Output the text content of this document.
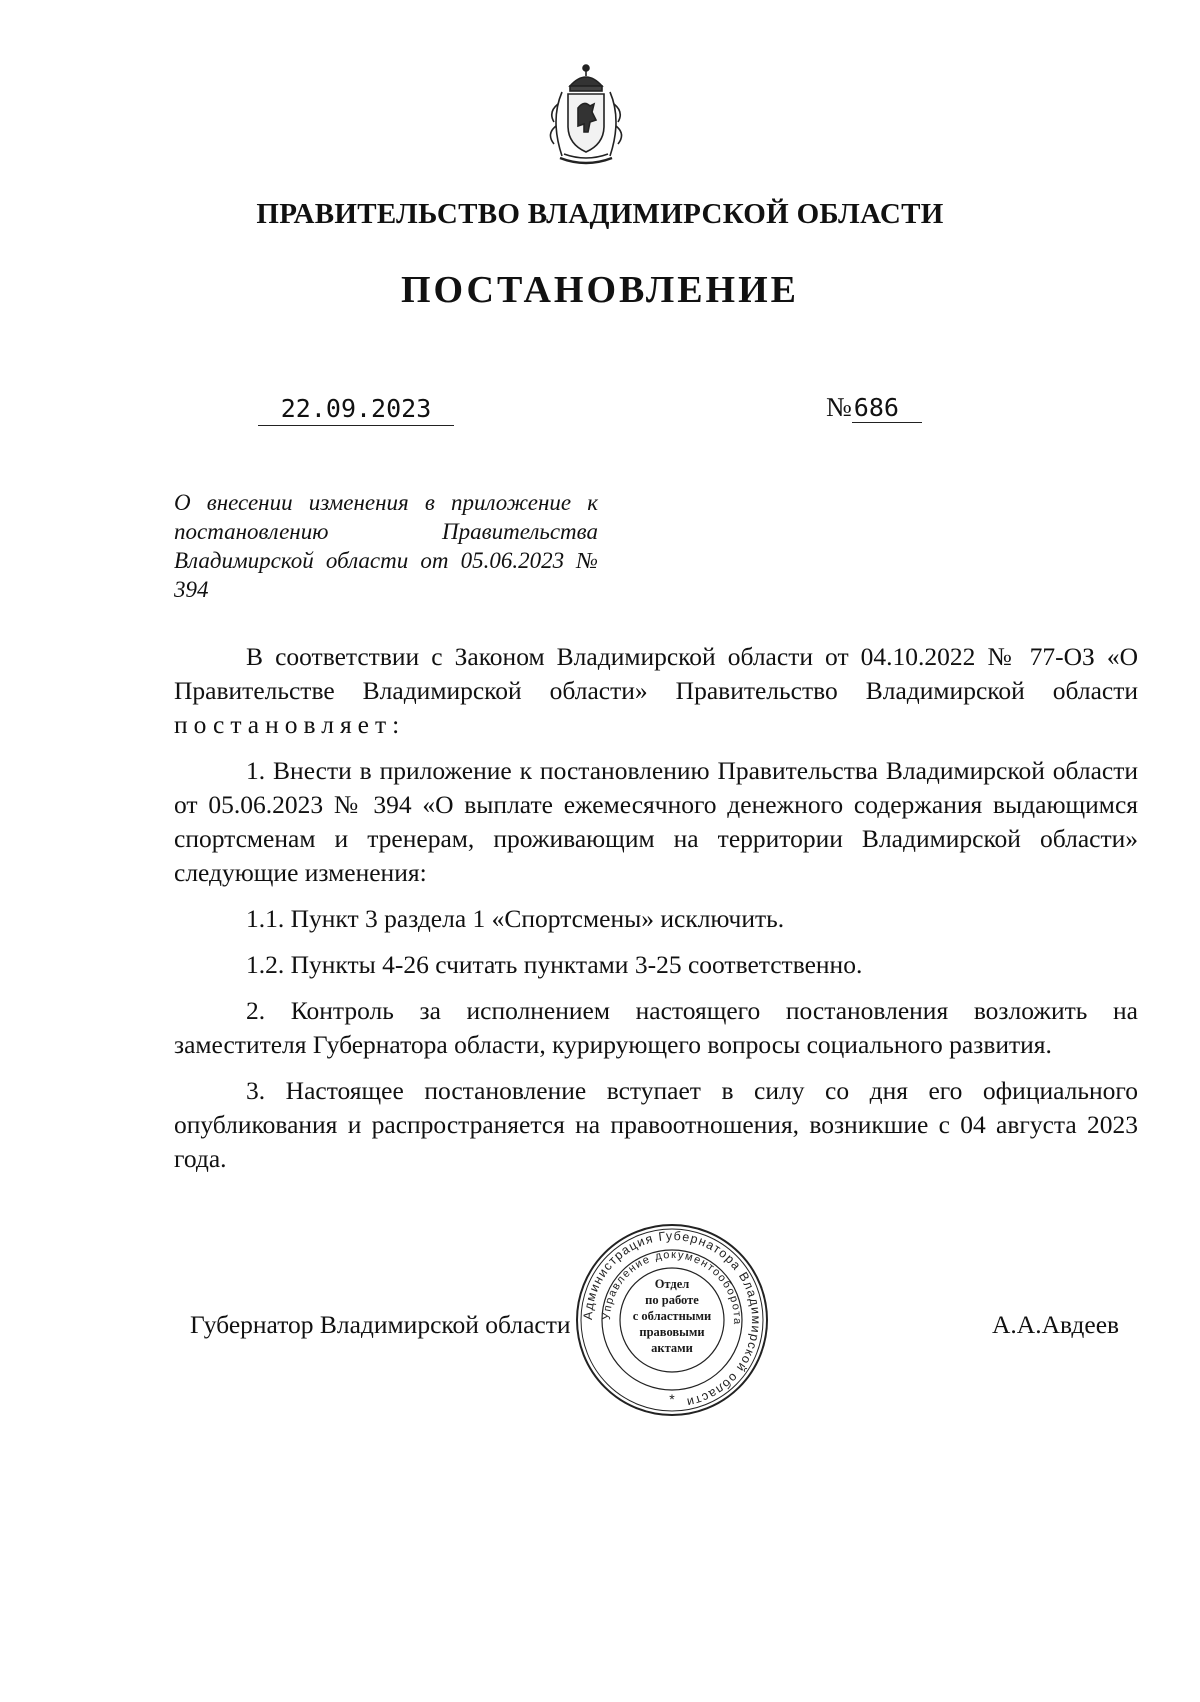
ПРАВИТЕЛЬСТВО ВЛАДИМИРСКОЙ ОБЛАСТИ
ПОСТАНОВЛЕНИЕ
22.09.2023	№686
О внесении изменения в приложение к постановлению Правительства Владимирской области от 05.06.2023 № 394

В соответствии с Законом Владимирской области от 04.10.2022 № 77-ОЗ «О Правительстве Владимирской области» Правительство Владимирской области постановляет:

1. Внести в приложение к постановлению Правительства Владимирской области от 05.06.2023 № 394 «О выплате ежемесячного денежного содержания выдающимся спортсменам и тренерам, проживающим на территории Владимирской области» следующие изменения:

1.1. Пункт 3 раздела 1 «Спортсмены» исключить.

1.2. Пункты 4-26 считать пунктами 3-25 соответственно.

2. Контроль за исполнением настоящего постановления возложить на заместителя Губернатора области, курирующего вопросы социального развития.

3. Настоящее постановление вступает в силу со дня его официального опубликования и распространяется на правоотношения, возникшие с 04 августа 2023 года.

Губернатор Владимирской области	А.А.Авдеев
Администрация Губернатора Владимирской области
Управление документооборота
*
Отдел
по работе
с областными
правовыми
актами
